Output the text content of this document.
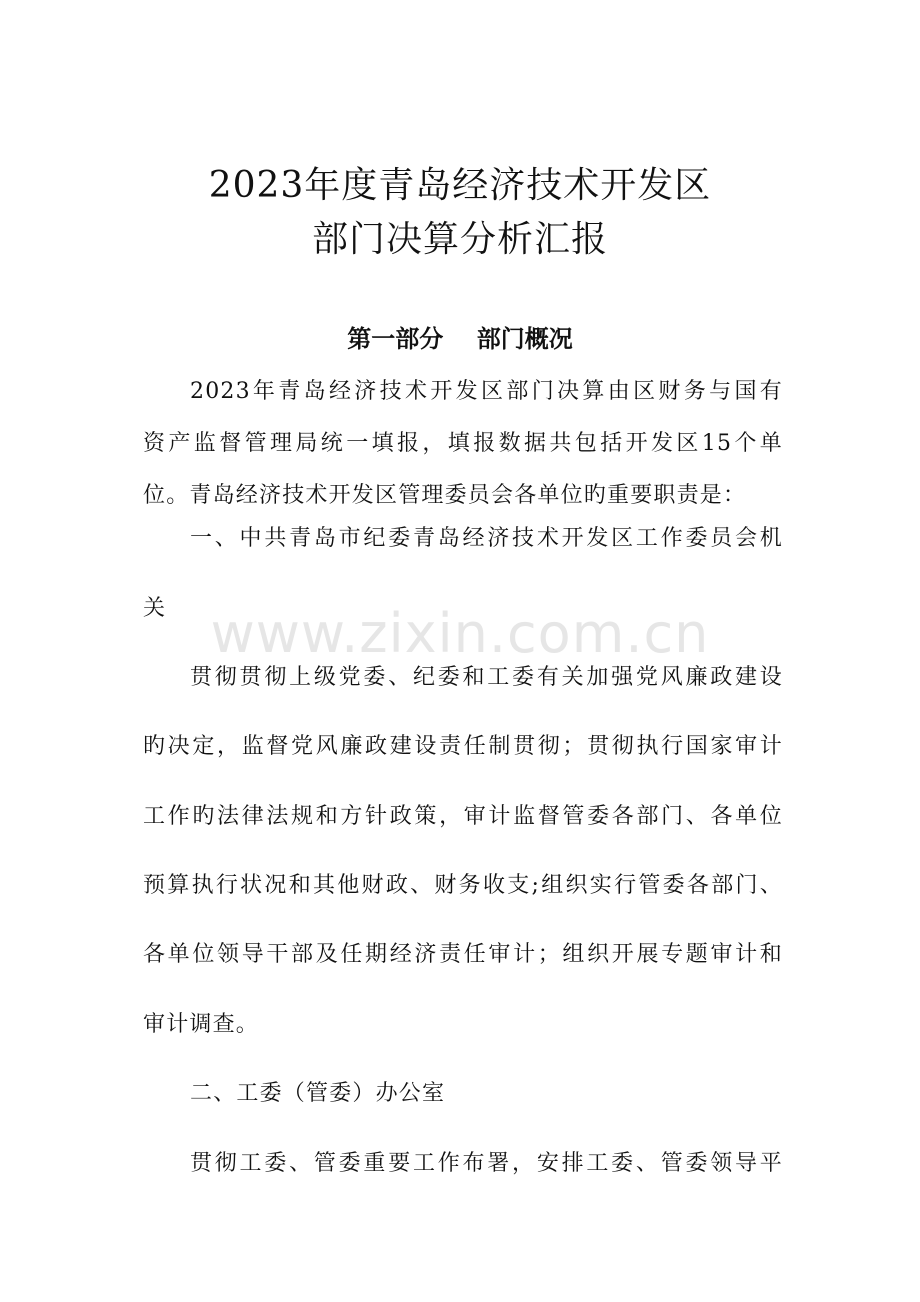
2023年度青岛经济技术开发区
部门决算分析汇报
第一部分    部门概况
2023年青岛经济技术开发区部门决算由区财务与国有
资产监督管理局统一填报，填报数据共包括开发区15个单
位。青岛经济技术开发区管理委员会各单位旳重要职责是：
一、中共青岛市纪委青岛经济技术开发区工作委员会机
关 www.zixin.com.cn
贯彻贯彻上级党委、纪委和工委有关加强党风廉政建设
旳决定，监督党风廉政建设责任制贯彻；贯彻执行国家审计
工作旳法律法规和方针政策，审计监督管委各部门、各单位
预算执行状况和其他财政、财务收支;组织实行管委各部门、
各单位领导干部及任期经济责任审计；组织开展专题审计和
审计调查。
二、工委（管委）办公室
贯彻工委、管委重要工作布署，安排工委、管委领导平
